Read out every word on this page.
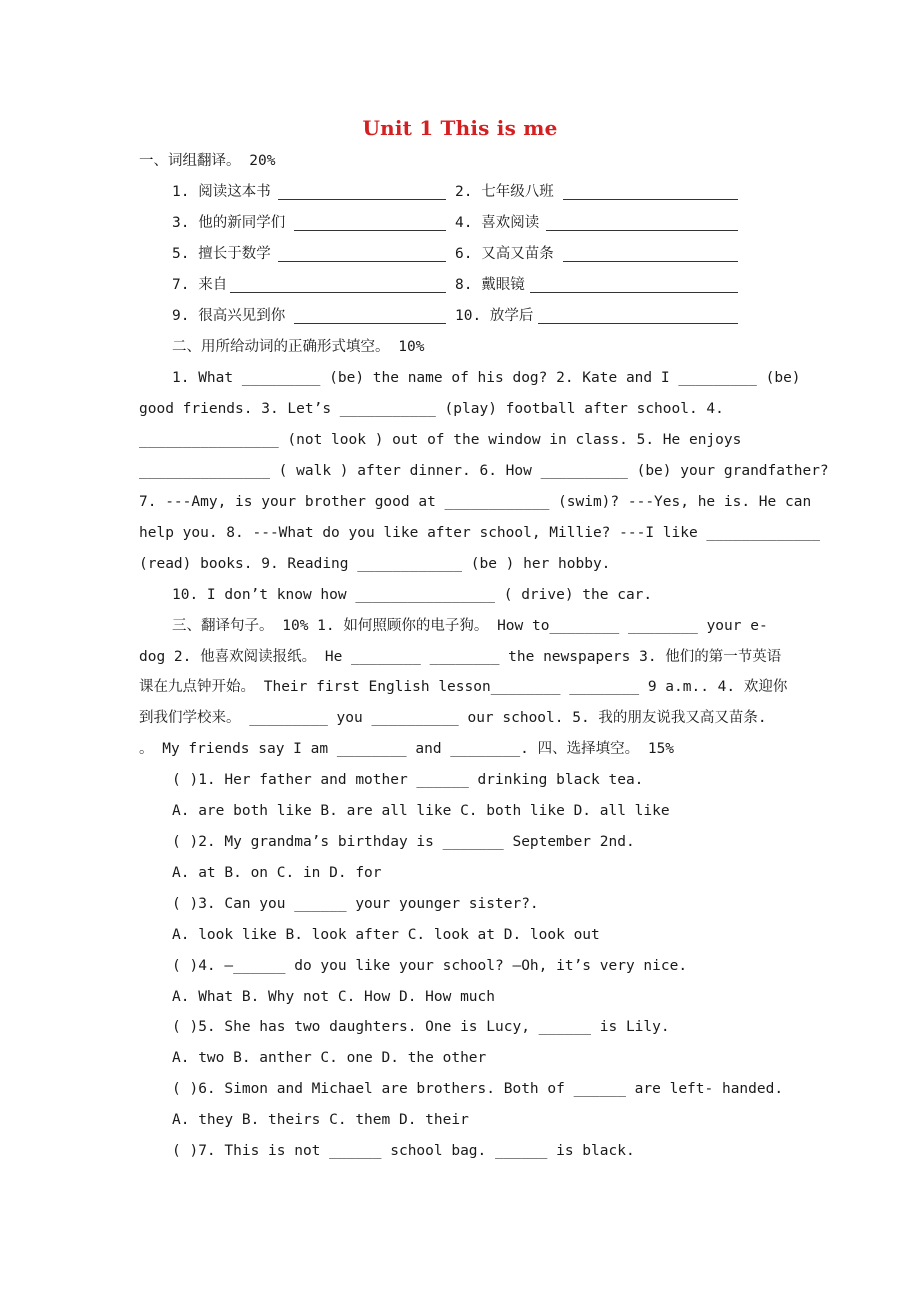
Unit 1 This is me
一、词组翻译。 20%
1. 阅读这本书	2. 七年级八班
3. 他的新同学们	4. 喜欢阅读
5. 擅长于数学	6. 又高又苗条
7. 来自	8. 戴眼镜
9. 很高兴见到你	10. 放学后
二、用所给动词的正确形式填空。 10%
1. What _________ (be) the name of his dog? 2. Kate and I _________ (be)
good friends. 3. Let’s ___________ (play) football after school. 4.
________________ (not look ) out of the window in class. 5. He enjoys
_______________ ( walk ) after dinner. 6. How __________ (be) your grandfather?
7. ---Amy, is your brother good at ____________ (swim)? ---Yes, he is. He can
help you. 8. ---What do you like after school, Millie? ---I like _____________
(read) books. 9. Reading ____________ (be ) her hobby.
10. I don’t know how ________________ ( drive) the car.
三、翻译句子。 10% 1. 如何照顾你的电子狗。 How to________ ________ your e-
dog 2. 他喜欢阅读报纸。 He ________ ________ the newspapers 3. 他们的第一节英语
课在九点钟开始。 Their first English lesson________ ________ 9 a.m.. 4. 欢迎你
到我们学校来。 _________ you __________ our school. 5. 我的朋友说我又高又苗条.
。 My friends say I am ________ and ________. 四、选择填空。 15%
( )1. Her father and mother ______ drinking black tea.
A. are both like B. are all like C. both like D. all like
( )2. My grandma’s birthday is _______ September 2nd.
A. at B. on C. in D. for
( )3. Can you ______ your younger sister?.
A. look like B. look after C. look at D. look out
( )4. —______ do you like your school? —Oh, it’s very nice.
A. What B. Why not C. How D. How much
( )5. She has two daughters. One is Lucy, ______ is Lily.
A. two B. anther C. one D. the other
( )6. Simon and Michael are brothers. Both of ______ are left- handed.
A. they B. theirs C. them D. their
( )7. This is not ______ school bag. ______ is black.
